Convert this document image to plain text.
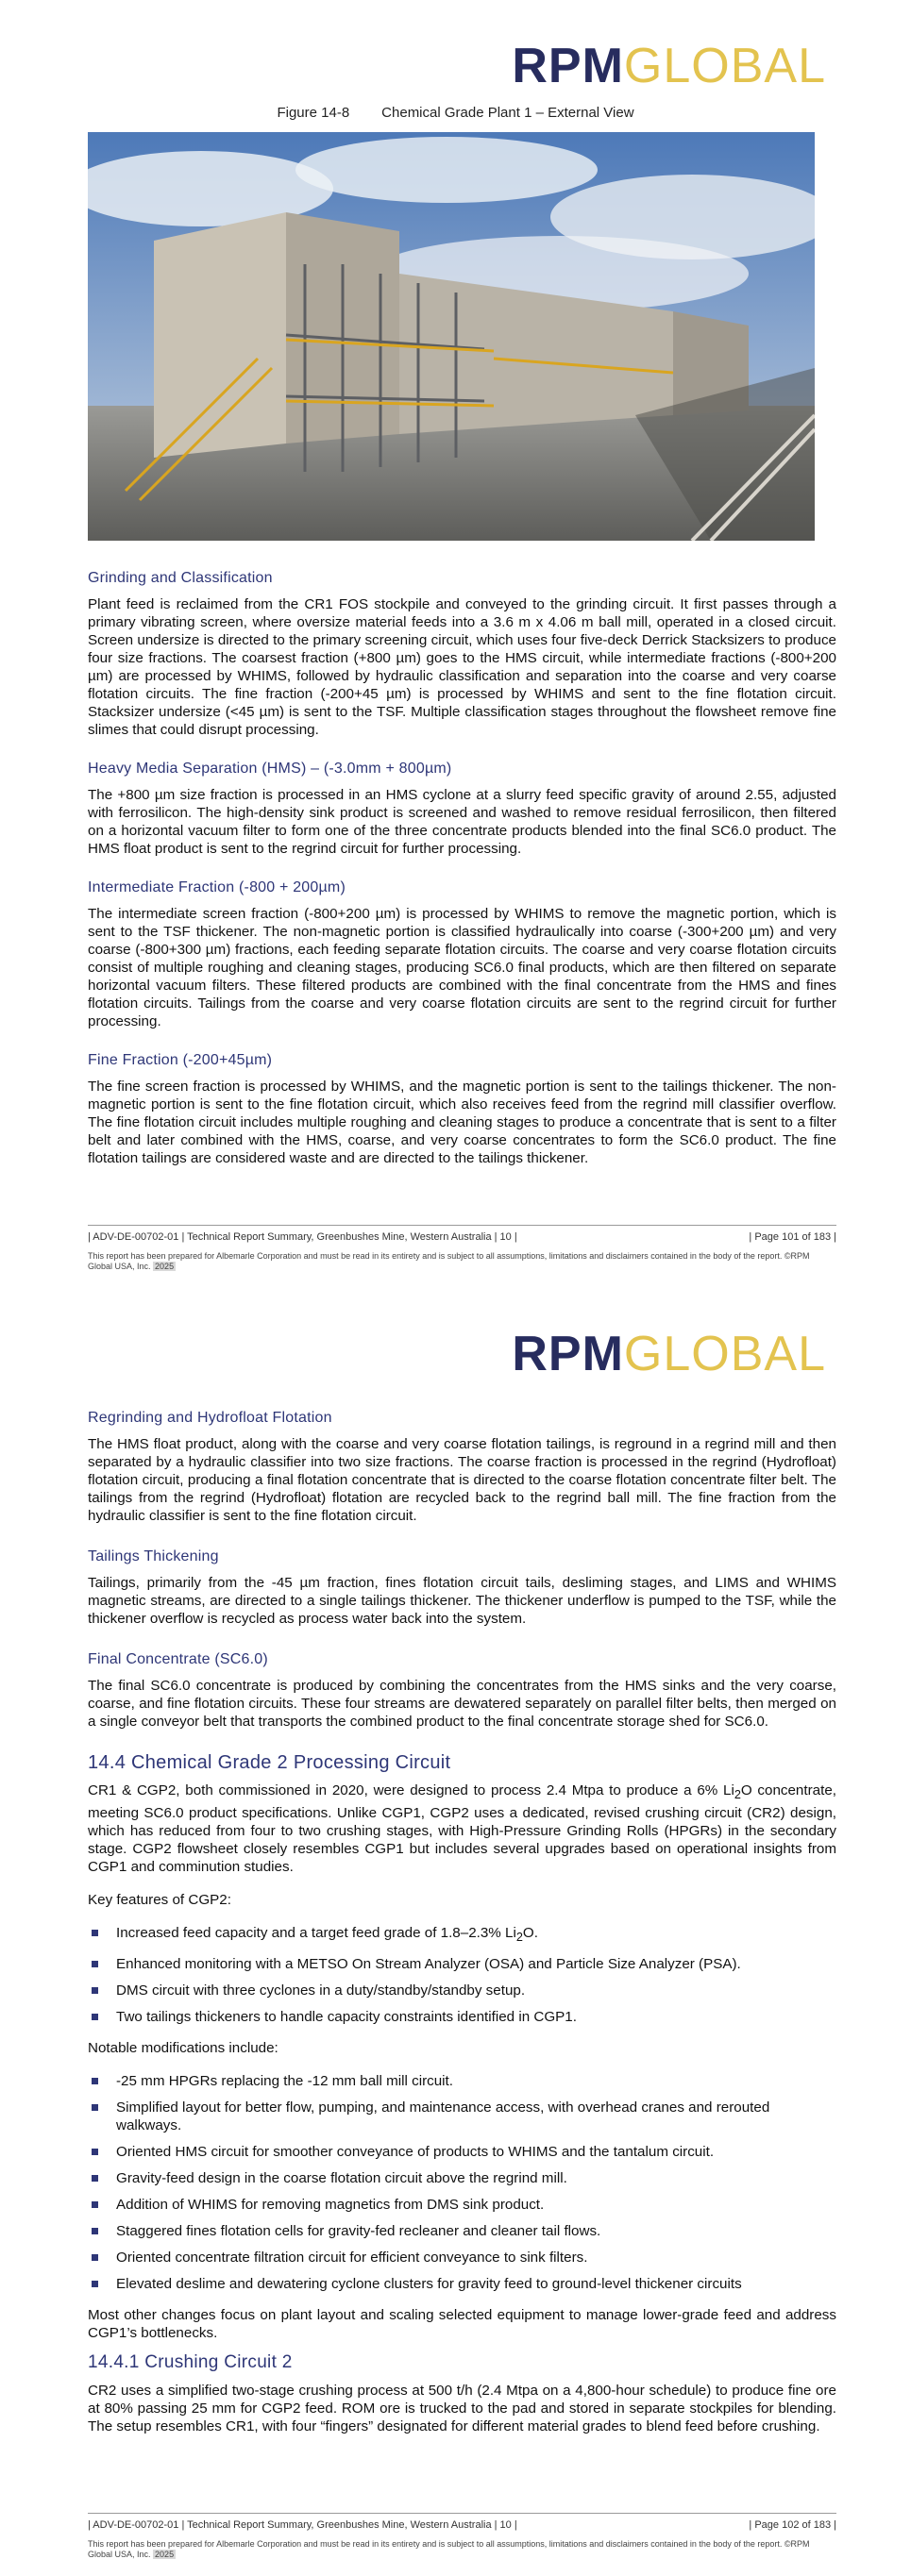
RPMGLOBAL
Figure 14-8 Chemical Grade Plant 1 – External View
Grinding and Classification

Plant feed is reclaimed from the CR1 FOS stockpile and conveyed to the grinding circuit. It first passes through a primary vibrating screen, where oversize material feeds into a 3.6 m x 4.06 m ball mill, operated in a closed circuit. Screen undersize is directed to the primary screening circuit, which uses four five-deck Derrick Stacksizers to produce four size fractions. The coarsest fraction (+800 µm) goes to the HMS circuit, while intermediate fractions (-800+200 µm) are processed by WHIMS, followed by hydraulic classification and separation into the coarse and very coarse flotation circuits. The fine fraction (-200+45 µm) is processed by WHIMS and sent to the fine flotation circuit. Stacksizer undersize (<45 µm) is sent to the TSF. Multiple classification stages throughout the flowsheet remove fine slimes that could disrupt processing.

Heavy Media Separation (HMS) – (-3.0mm + 800µm)

The +800 µm size fraction is processed in an HMS cyclone at a slurry feed specific gravity of around 2.55, adjusted with ferrosilicon. The high-density sink product is screened and washed to remove residual ferrosilicon, then filtered on a horizontal vacuum filter to form one of the three concentrate products blended into the final SC6.0 product. The HMS float product is sent to the regrind circuit for further processing.

Intermediate Fraction (-800 + 200µm)

The intermediate screen fraction (-800+200 µm) is processed by WHIMS to remove the magnetic portion, which is sent to the TSF thickener. The non-magnetic portion is classified hydraulically into coarse (-300+200 µm) and very coarse (-800+300 µm) fractions, each feeding separate flotation circuits. The coarse and very coarse flotation circuits consist of multiple roughing and cleaning stages, producing SC6.0 final products, which are then filtered on separate horizontal vacuum filters. These filtered products are combined with the final concentrate from the HMS and fines flotation circuits. Tailings from the coarse and very coarse flotation circuits are sent to the regrind circuit for further processing.

Fine Fraction (-200+45µm)

The fine screen fraction is processed by WHIMS, and the magnetic portion is sent to the tailings thickener. The non-magnetic portion is sent to the fine flotation circuit, which also receives feed from the regrind mill classifier overflow. The fine flotation circuit includes multiple roughing and cleaning stages to produce a concentrate that is sent to a filter belt and later combined with the HMS, coarse, and very coarse concentrates to form the SC6.0 product. The fine flotation tailings are considered waste and are directed to the tailings thickener.

| ADV-DE-00702-01 | Technical Report Summary, Greenbushes Mine, Western Australia | 10 |	| Page 101 of 183 |
This report has been prepared for Albemarle Corporation and must be read in its entirety and is subject to all assumptions, limitations and disclaimers contained in the body of the report. ©RPM Global USA, Inc. 2025
RPMGLOBAL
Regrinding and Hydrofloat Flotation

The HMS float product, along with the coarse and very coarse flotation tailings, is reground in a regrind mill and then separated by a hydraulic classifier into two size fractions. The coarse fraction is processed in the regrind (Hydrofloat) flotation circuit, producing a final flotation concentrate that is directed to the coarse flotation concentrate filter belt. The tailings from the regrind (Hydrofloat) flotation are recycled back to the regrind ball mill. The fine fraction from the hydraulic classifier is sent to the fine flotation circuit.

Tailings Thickening

Tailings, primarily from the -45 µm fraction, fines flotation circuit tails, desliming stages, and LIMS and WHIMS magnetic streams, are directed to a single tailings thickener. The thickener underflow is pumped to the TSF, while the thickener overflow is recycled as process water back into the system.

Final Concentrate (SC6.0)

The final SC6.0 concentrate is produced by combining the concentrates from the HMS sinks and the very coarse, coarse, and fine flotation circuits. These four streams are dewatered separately on parallel filter belts, then merged on a single conveyor belt that transports the combined product to the final concentrate storage shed for SC6.0.

14.4 Chemical Grade 2 Processing Circuit

CR1 & CGP2, both commissioned in 2020, were designed to process 2.4 Mtpa to produce a 6% $Li_2O$ concentrate, meeting SC6.0 product specifications. Unlike CGP1, CGP2 uses a dedicated, revised crushing circuit (CR2) design, which has reduced from four to two crushing stages, with High-Pressure Grinding Rolls (HPGRs) in the secondary stage. CGP2 flowsheet closely resembles CGP1 but includes several upgrades based on operational insights from CGP1 and comminution studies.

Key features of CGP2:

Increased feed capacity and a target feed grade of 1.8–2.3% $Li_2O$.
Enhanced monitoring with a METSO On Stream Analyzer (OSA) and Particle Size Analyzer (PSA).
DMS circuit with three cyclones in a duty/standby/standby setup.
Two tailings thickeners to handle capacity constraints identified in CGP1.

Notable modifications include:

-25 mm HPGRs replacing the -12 mm ball mill circuit.
Simplified layout for better flow, pumping, and maintenance access, with overhead cranes and rerouted walkways.
Oriented HMS circuit for smoother conveyance of products to WHIMS and the tantalum circuit.
Gravity-feed design in the coarse flotation circuit above the regrind mill.
Addition of WHIMS for removing magnetics from DMS sink product.
Staggered fines flotation cells for gravity-fed recleaner and cleaner tail flows.
Oriented concentrate filtration circuit for efficient conveyance to sink filters.
Elevated deslime and dewatering cyclone clusters for gravity feed to ground-level thickener circuits

Most other changes focus on plant layout and scaling selected equipment to manage lower-grade feed and address CGP1’s bottlenecks.

14.4.1 Crushing Circuit 2

CR2 uses a simplified two-stage crushing process at 500 t/h (2.4 Mtpa on a 4,800-hour schedule) to produce fine ore at 80% passing 25 mm for CGP2 feed. ROM ore is trucked to the pad and stored in separate stockpiles for blending. The setup resembles CR1, with four “fingers” designated for different material grades to blend feed before crushing.

| ADV-DE-00702-01 | Technical Report Summary, Greenbushes Mine, Western Australia | 10 |	| Page 102 of 183 |
This report has been prepared for Albemarle Corporation and must be read in its entirety and is subject to all assumptions, limitations and disclaimers contained in the body of the report. ©RPM Global USA, Inc. 2025
